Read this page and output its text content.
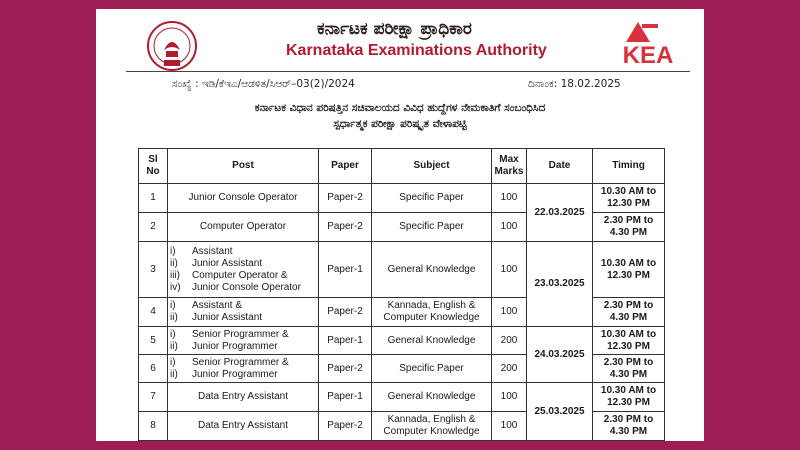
ಕರ್ನಾಟಕ ಪರೀಕ್ಷಾ ಪ್ರಾಧಿಕಾರ
Karnataka Examinations Authority	KEA
ಸಂಖ್ಯೆ : ಇಡಿ/ಕೆಇಎ/ಆಡಳಿತ/ಸಿಆರ್–03(2)/2024	ದಿನಾಂಕ: 18.02.2025
ಕರ್ನಾಟಕ ವಿಧಾನ ಪರಿಷತ್ತಿನ ಸಚಿವಾಲಯದ ವಿವಿಧ ಹುದ್ದೆಗಳ ನೇಮಕಾತಿಗೆ ಸಂಬಂಧಿಸಿದ
ಸ್ಪರ್ಧಾತ್ಮಕ ಪರೀಕ್ಷಾ ಪರಿಷ್ಕೃತ ವೇಳಾಪಟ್ಟಿ
Sl
No	Post	Paper	Subject	Max
Marks	Date	Timing
1	Junior Console Operator	Paper-2	Specific Paper	100	22.03.2025	10.30 AM to
12.30 PM
2	Computer Operator	Paper-2	Specific Paper	100		2.30 PM to
4.30 PM
3	i) Assistant
ii) Junior Assistant
iii) Computer Operator &
iv) Junior Console Operator	Paper-1	General Knowledge	100	23.03.2025	10.30 AM to
12.30 PM
4	i) Assistant &
ii) Junior Assistant	Paper-2	Kannada, English &
Computer Knowledge	100		2.30 PM to
4.30 PM
5	i) Senior Programmer &
ii) Junior Programmer	Paper-1	General Knowledge	200	24.03.2025	10.30 AM to
12.30 PM
6	i) Senior Programmer &
ii) Junior Programmer	Paper-2	Specific Paper	200		2.30 PM to
4.30 PM
7	Data Entry Assistant	Paper-1	General Knowledge	100	25.03.2025	10.30 AM to
12.30 PM
8	Data Entry Assistant	Paper-2	Kannada, English &
Computer Knowledge	100		2.30 PM to
4.30 PM
